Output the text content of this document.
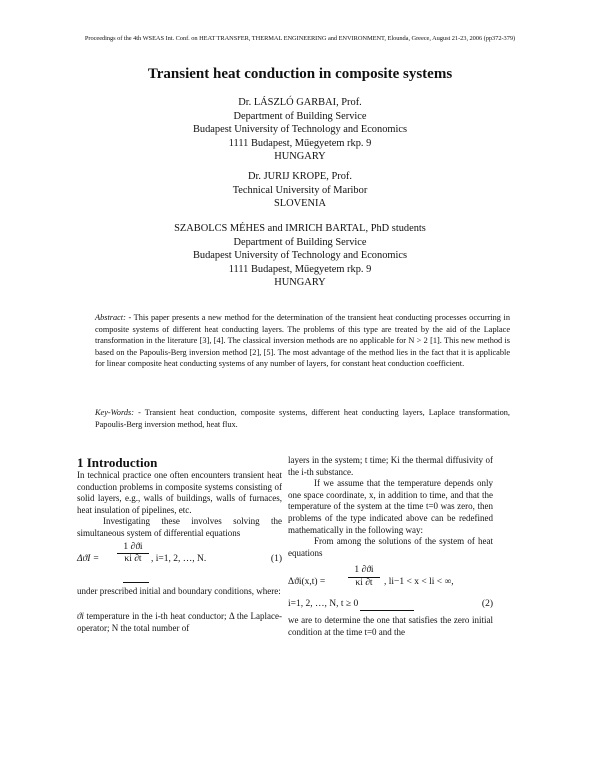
Proceedings of the 4th WSEAS Int. Conf. on HEAT TRANSFER, THERMAL ENGINEERING and ENVIRONMENT, Elounda, Greece, August 21-23, 2006 (pp372-379)
Transient heat conduction in composite systems
Dr. LÁSZLÓ GARBAI, Prof.
Department of Building Service
Budapest University of Technology and Economics
1111 Budapest, Műegyetem rkp. 9
HUNGARY
Dr. JURIJ KROPE, Prof.
Technical University of Maribor
SLOVENIA
SZABOLCS MÉHES and IMRICH BARTAL, PhD students
Department of Building Service
Budapest University of Technology and Economics
1111 Budapest, Műegyetem rkp. 9
HUNGARY
Abstract: - This paper presents a new method for the determination of the transient heat conducting processes occurring in composite systems of different heat conducting layers. The problems of this type are treated by the aid of the Laplace transformation in the literature [3], [4]. The classical inversion methods are no applicable for N > 2 [1]. This new method is based on the Papoulis-Berg inversion method [2], [5]. The most advantage of the method lies in the fact that it is applicable for linear composite heat conducting systems of any number of layers, for constant heat conduction coefficient.
Key-Words: - Transient heat conduction, composite systems, different heat conducting layers, Laplace transformation, Papoulis-Berg inversion method, heat flux.
1 Introduction

In technical practice one often encounters transient heat conduction problems in composite systems consisting of solid layers, e.g., walls of buildings, walls of furnaces, heat insulation of pipelines, etc.

Investigating these involves solving the simultaneous system of differential equations

$\Delta ϑI = \frac{1 \partial ϑi}{\kappa i \partial t}$ , i=1, 2, …, N.	(1)

under prescribed initial and boundary conditions, where:

ϑi temperature in the i-th heat conductor; Δ the Laplace-operator; N the total number of

layers in the system; t time; Ki the thermal diffusivity of the i-th substance.

If we assume that the temperature depends only one space coordinate, x, in addition to time, and that the temperature of the system at the time t=0 was zero, then problems of the type indicated above can be redefined mathematically in the following way:

From among the solutions of the system of heat equations

$\Delta ϑi(x,t) = \frac{1 \partial ϑi}{\kappa i \partial t}$ , li−1 < x < li < ∞,
i=1, 2, …, N, t ≥ 0	(2)

we are to determine the one that satisfies the zero initial condition at the time t=0 and the
